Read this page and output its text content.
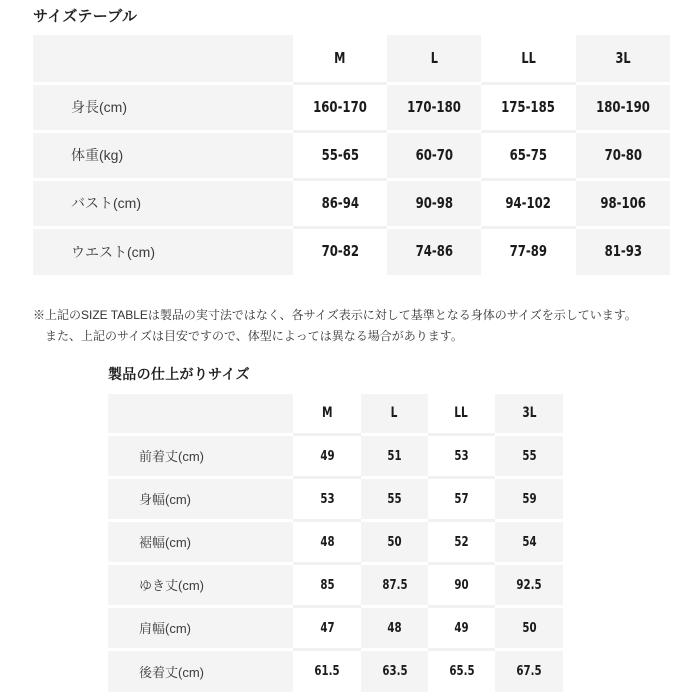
サイズテーブル
	M	L	LL	3L
身長(cm)	160-170	170-180	175-185	180-190
体重(kg)	55-65	60-70	65-75	70-80
バスト(cm)	86-94	90-98	94-102	98-106
ウエスト(cm)	70-82	74-86	77-89	81-93
※上記のSIZE TABLEは製品の実寸法ではなく、各サイズ表示に対して基準となる身体のサイズを示しています。
また、上記のサイズは目安ですので、体型によっては異なる場合があります。
製品の仕上がりサイズ
	M	L	LL	3L
前着丈(cm)	49	51	53	55
身幅(cm)	53	55	57	59
裾幅(cm)	48	50	52	54
ゆき丈(cm)	85	87.5	90	92.5
肩幅(cm)	47	48	49	50
後着丈(cm)	61.5	63.5	65.5	67.5
